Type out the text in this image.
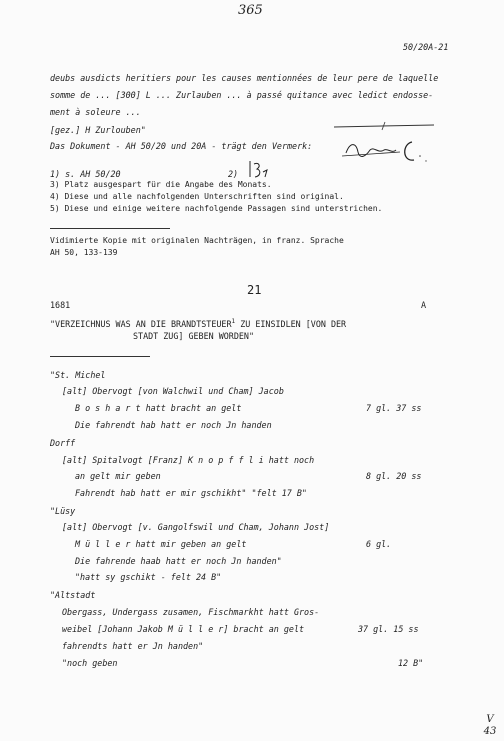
365
50/20A-21
deubs ausdicts heritiers pour les causes mentionnées de leur pere de laquelle
somme de ... [300] L ... Zurlauben ... à passé quitance avec ledict endosse-
ment à soleure ...
[gez.] H Zurlouben"
Das Dokument - AH 50/20 und 20A - trägt den Vermerk:
1) s. AH 50/20	2)
3) Platz ausgespart für die Angabe des Monats.
4) Diese und alle nachfolgenden Unterschriften sind original.
5) Diese und einige weitere nachfolgende Passagen sind unterstrichen.
Vidimierte Kopie mit originalen Nachträgen, in franz. Sprache
AH 50, 133-139
21
1681	A
"VERZEICHNUS WAS AN DIE BRANDTSTEUER$^1$ ZU EINSIDLEN [VON DER
STADT ZUG] GEBEN WORDEN"
"St. Michel
[alt] Obervogt [von Walchwil und Cham] Jacob
B o s h a r t hatt bracht an gelt	7 gl. 37 ss
Die fahrendt hab hatt er noch Jn handen
Dorff
[alt] Spitalvogt [Franz] K n o p f f l i hatt noch
an gelt mir geben	8 gl. 20 ss
Fahrendt hab hatt er mir gschikht" "felt 17 B"
"Lüsy
[alt] Obervogt [v. Gangolfswil und Cham, Johann Jost]
M ü l l e r hatt mir geben an gelt	6 gl.
Die fahrende haab hatt er noch Jn handen"
"hatt sy gschikt - felt 24 B"
"Altstadt
Obergass, Undergass zusamen, Fischmarkht hatt Gros-
weibel [Johann Jakob M ü l l e r] bracht an gelt	37 gl. 15 ss
fahrendts hatt er Jn handen"
"noch geben	12 B"
V 43
